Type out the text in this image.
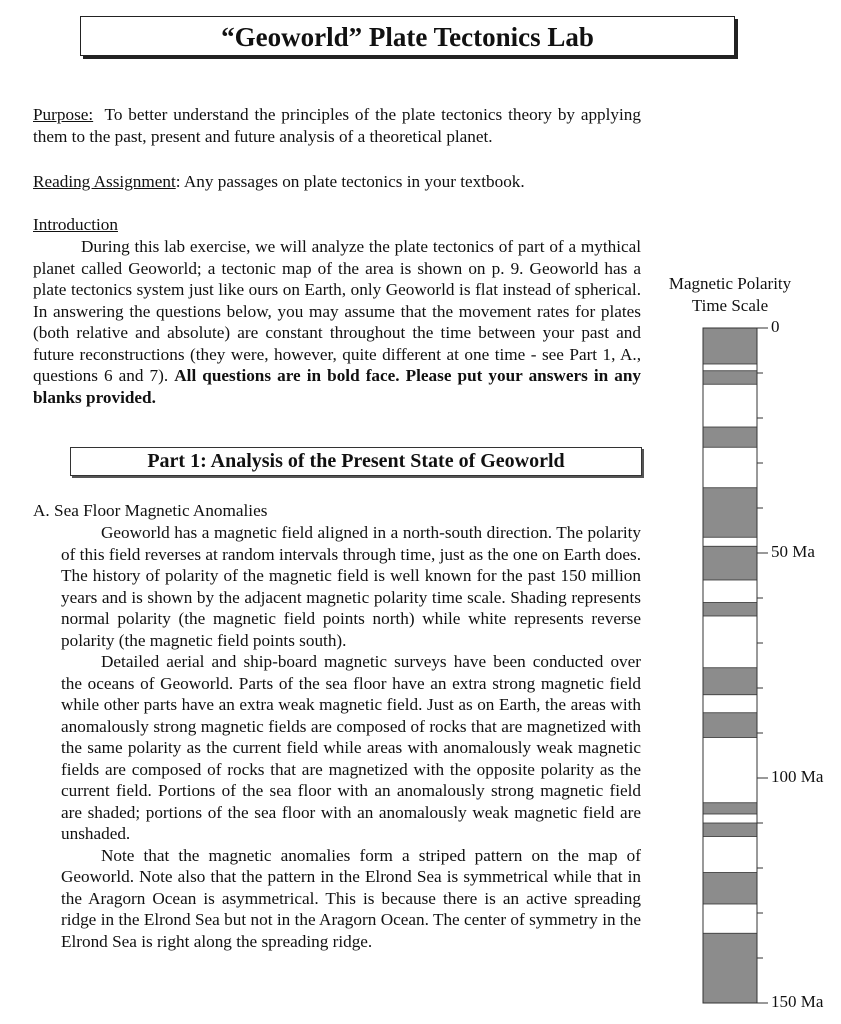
“Geoworld” Plate Tectonics Lab
Purpose: To better understand the principles of the plate tectonics theory by applying them to the past, present and future analysis of a theoretical planet.
Reading Assignment: Any passages on plate tectonics in your textbook.
Introduction
During this lab exercise, we will analyze the plate tectonics of part of a mythical planet called Geoworld; a tectonic map of the area is shown on p. 9. Geoworld has a plate tectonics system just like ours on Earth, only Geoworld is flat instead of spherical. In answering the questions below, you may assume that the movement rates for plates (both relative and absolute) are constant throughout the time between your past and future reconstructions (they were, however, quite different at one time - see Part 1, A., questions 6 and 7). All questions are in bold face. Please put your answers in any blanks provided.
Part 1: Analysis of the Present State of Geoworld
A. Sea Floor Magnetic Anomalies

Geoworld has a magnetic field aligned in a north-south direction. The polarity of this field reverses at random intervals through time, just as the one on Earth does. The history of polarity of the magnetic field is well known for the past 150 million years and is shown by the adjacent magnetic polarity time scale. Shading represents normal polarity (the magnetic field points north) while white represents reverse polarity (the magnetic field points south).

Detailed aerial and ship-board magnetic surveys have been conducted over the oceans of Geoworld. Parts of the sea floor have an extra strong magnetic field while other parts have an extra weak magnetic field. Just as on Earth, the areas with anomalously strong magnetic fields are composed of rocks that are magnetized with the same polarity as the current field while areas with anomalously weak magnetic fields are composed of rocks that are magnetized with the opposite polarity as the current field. Portions of the sea floor with an anomalously strong magnetic field are shaded; portions of the sea floor with an anomalously weak magnetic field are unshaded.

Note that the magnetic anomalies form a striped pattern on the map of Geoworld. Note also that the pattern in the Elrond Sea is symmetrical while that in the Aragorn Ocean is asymmetrical. This is because there is an active spreading ridge in the Elrond Sea but not in the Aragorn Ocean. The center of symmetry in the Elrond Sea is right along the spreading ridge.

Magnetic Polarity
Time Scale
0
50 Ma
100 Ma
150 Ma
